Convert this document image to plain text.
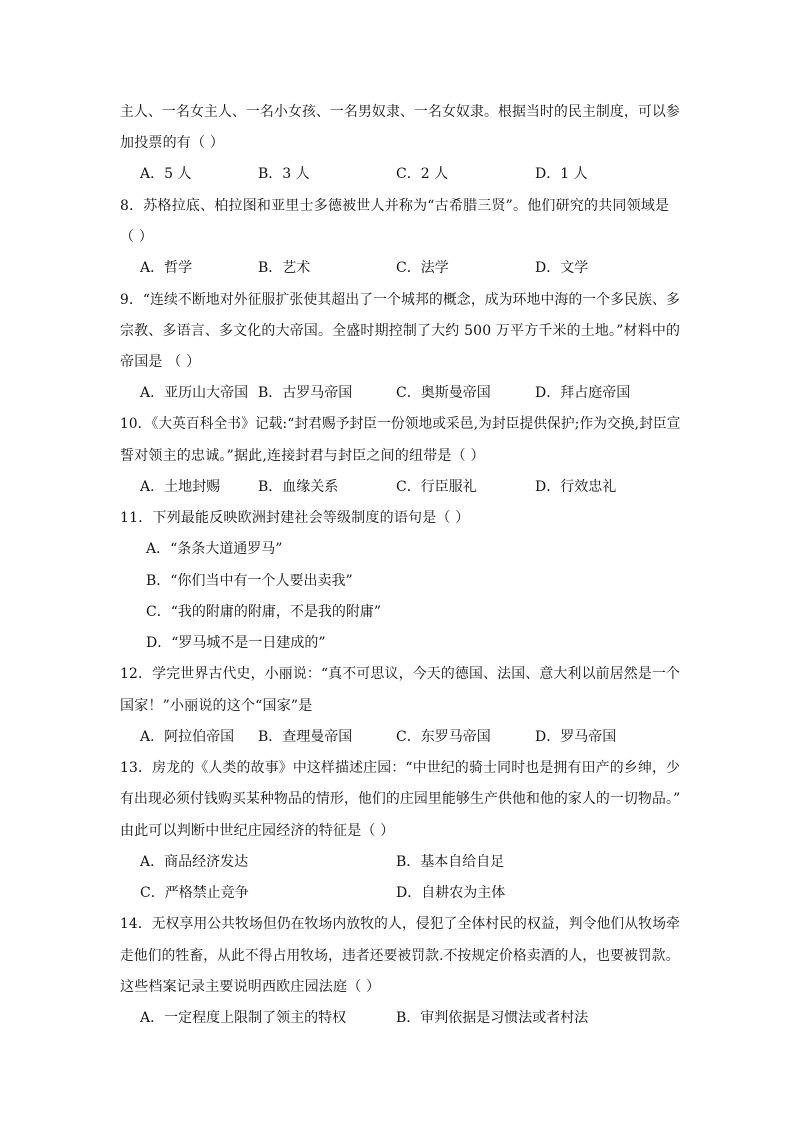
主人、一名女主人、一名小女孩、一名男奴隶、一名女奴隶。根据当时的民主制度，可以参
加投票的有（ ）
A．5 人	B．3 人	C．2 人	D．1 人
8．苏格拉底、柏拉图和亚里士多德被世人并称为“古希腊三贤”。他们研究的共同领域是
（ ）
A．哲学	B．艺术	C．法学	D．文学
9．“连续不断地对外征服扩张使其超出了一个城邦的概念，成为环地中海的一个多民族、多
宗教、多语言、多文化的大帝国。全盛时期控制了大约 500 万平方千米的土地。”材料中的
帝国是 （ ）
A．亚历山大帝国 B．古罗马帝国	C．奥斯曼帝国	D．拜占庭帝国
10．《大英百科全书》记载:“封君赐予封臣一份领地或采邑,为封臣提供保护;作为交换,封臣宣
誓对领主的忠诚。”据此,连接封君与封臣之间的纽带是（ ）
A．土地封赐	B．血缘关系	C．行臣服礼	D．行效忠礼
11．下列最能反映欧洲封建社会等级制度的语句是（ ）
A．“条条大道通罗马”
B．“你们当中有一个人要出卖我”
C．“我的附庸的附庸，不是我的附庸”
D．“罗马城不是一日建成的”
12．学完世界古代史，小丽说：“真不可思议，今天的德国、法国、意大利以前居然是一个
国家！”小丽说的这个“国家”是
A．阿拉伯帝国 B．查理曼帝国	C．东罗马帝国	D．罗马帝国
13．房龙的《人类的故事》中这样描述庄园：“中世纪的骑士同时也是拥有田产的乡绅，少
有出现必须付钱购买某种物品的情形，他们的庄园里能够生产供他和他的家人的一切物品。”
由此可以判断中世纪庄园经济的特征是（ ）
A．商品经济发达	B．基本自给自足
C．严格禁止竞争	D．自耕农为主体
14．无权享用公共牧场但仍在牧场内放牧的人，侵犯了全体村民的权益，判令他们从牧场牵
走他们的牲畜，从此不得占用牧场，违者还要被罚款.不按规定价格卖酒的人，也要被罚款。
这些档案记录主要说明西欧庄园法庭（ ）
A．一定程度上限制了领主的特权	B．审判依据是习惯法或者村法
